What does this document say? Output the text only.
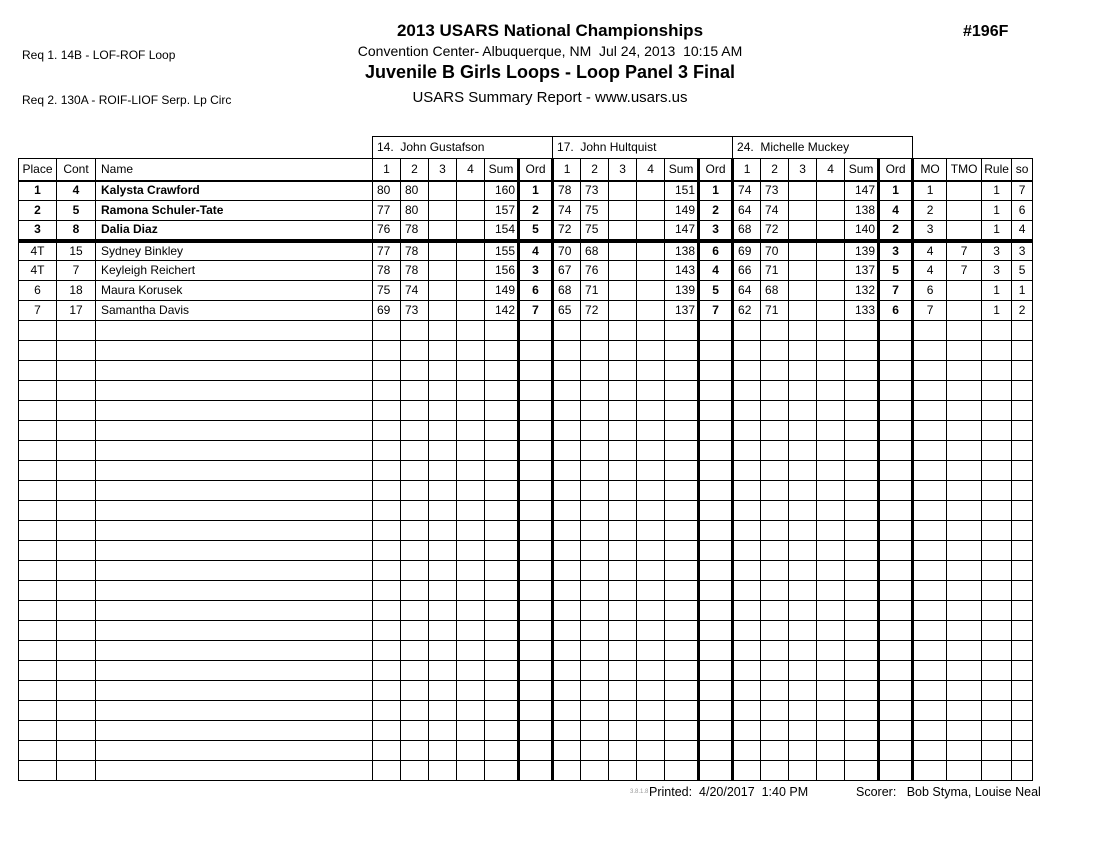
Req 1. 14B - LOF-ROF Loop

Req 2. 130A - ROIF-LIOF Serp. Lp Circ

2013 USARS National Championships
Convention Center- Albuquerque, NM  Jul 24, 2013  10:15 AM
Juvenile B Girls Loops - Loop Panel 3 Final
USARS Summary Report - www.usars.us
#196F
			14.  John Gustafson						17.  John Hultquist						24.  Michelle Muckey									
Place	Cont	Name	1	2	3	4	Sum	Ord	1	2	3	4	Sum	Ord	1	2	3	4	Sum	Ord	MO	TMO	Rule	so
1	4	Kalysta Crawford	80	80			160	1	78	73			151	1	74	73			147	1	1		1	7
2	5	Ramona Schuler-Tate	77	80			157	2	74	75			149	2	64	74			138	4	2		1	6
3	8	Dalia Diaz	76	78			154	5	72	75			147	3	68	72			140	2	3		1	4
4T	15	Sydney Binkley	77	78			155	4	70	68			138	6	69	70			139	3	4	7	3	3
4T	7	Keyleigh Reichert	78	78			156	3	67	76			143	4	66	71			137	5	4	7	3	5
6	18	Maura Korusek	75	74			149	6	68	71			139	5	64	68			132	7	6		1	1
7	17	Samantha Davis	69	73			142	7	65	72			137	7	62	71			133	6	7		1	2

3.8.1.8 Printed: 4/20/2017  1:40 PM	Scorer: Bob Styma, Louise Neal
